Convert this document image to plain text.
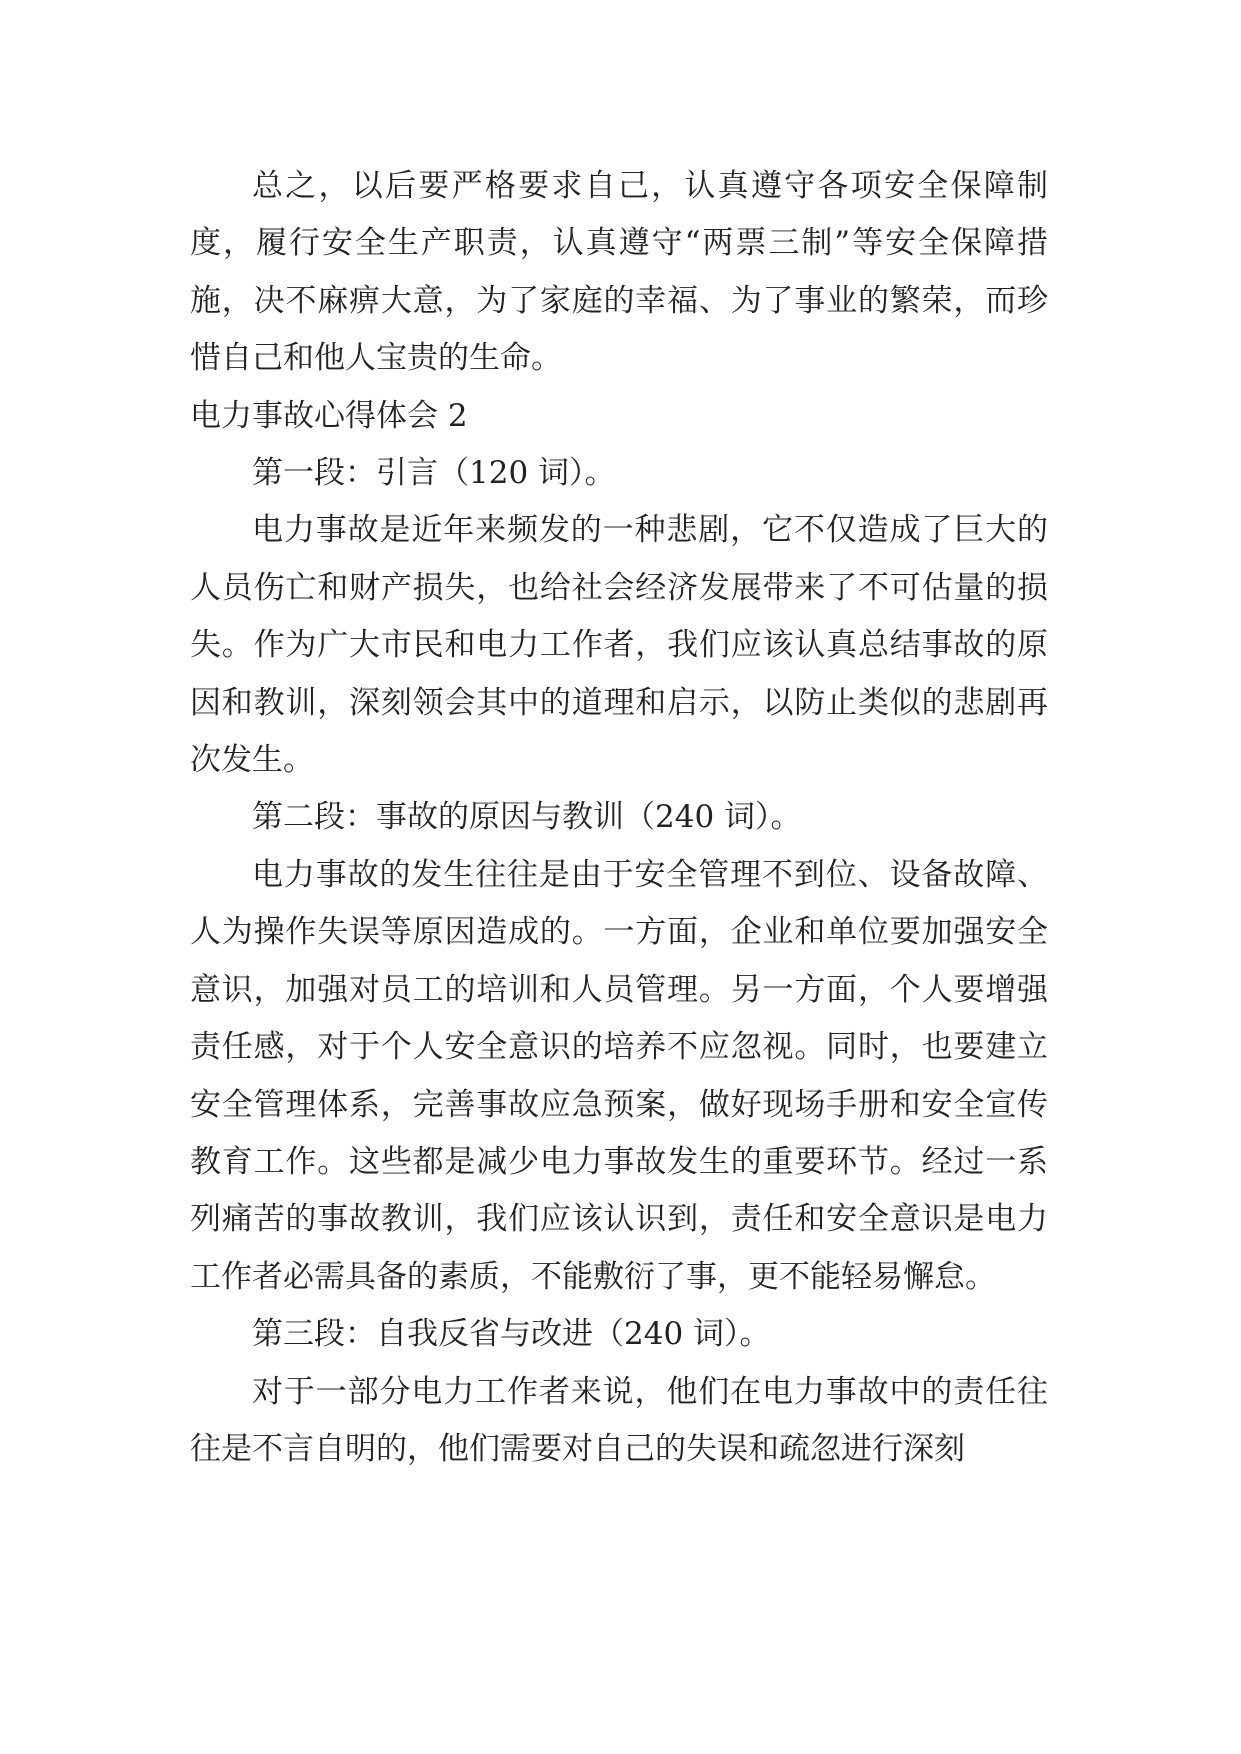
总之，以后要严格要求自己，认真遵守各项安全保障制度，履行安全生产职责，认真遵守“两票三制”等安全保障措施，决不麻痹大意，为了家庭的幸福、为了事业的繁荣，而珍惜自己和他人宝贵的生命。

电力事故心得体会 2

第一段：引言（120 词）。

电力事故是近年来频发的一种悲剧，它不仅造成了巨大的人员伤亡和财产损失，也给社会经济发展带来了不可估量的损失。作为广大市民和电力工作者，我们应该认真总结事故的原因和教训，深刻领会其中的道理和启示，以防止类似的悲剧再次发生。

第二段：事故的原因与教训（240 词）。

电力事故的发生往往是由于安全管理不到位、设备故障、人为操作失误等原因造成的。一方面，企业和单位要加强安全意识，加强对员工的培训和人员管理。另一方面，个人要增强责任感，对于个人安全意识的培养不应忽视。同时，也要建立安全管理体系，完善事故应急预案，做好现场手册和安全宣传教育工作。这些都是减少电力事故发生的重要环节。经过一系列痛苦的事故教训，我们应该认识到，责任和安全意识是电力工作者必需具备的素质，不能敷衍了事，更不能轻易懈怠。

第三段：自我反省与改进（240 词）。

对于一部分电力工作者来说，他们在电力事故中的责任往往是不言自明的，他们需要对自己的失误和疏忽进行深刻
